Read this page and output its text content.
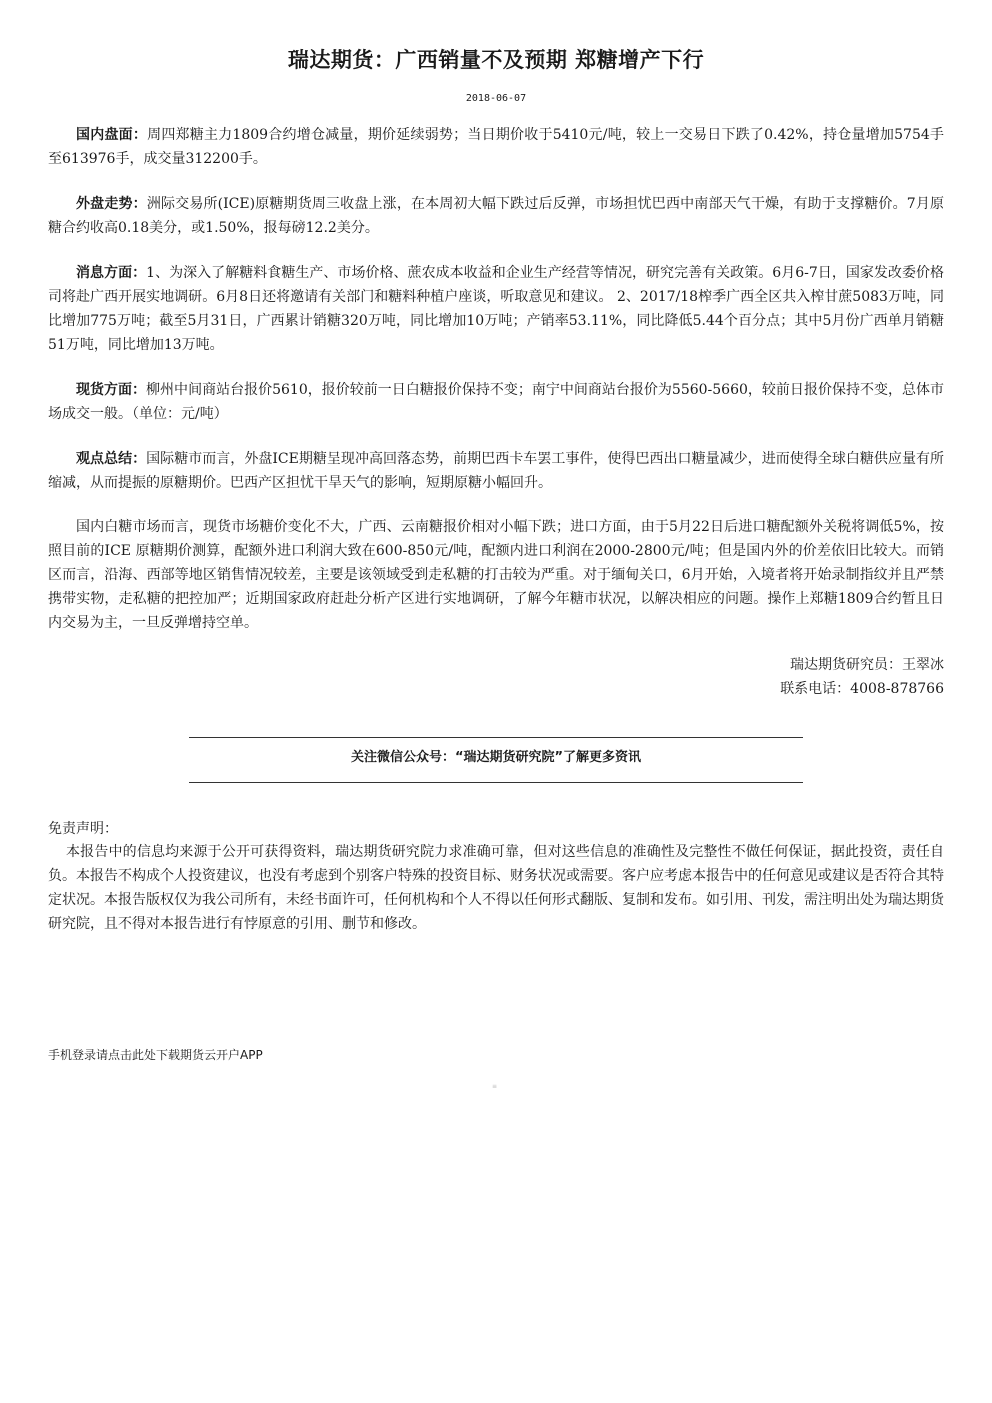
瑞达期货：广西销量不及预期 郑糖增产下行
2018-06-07
国内盘面：周四郑糖主力1809合约增仓减量，期价延续弱势；当日期价收于5410元/吨，较上一交易日下跌了0.42%，持仓量增加5754手至613976手，成交量312200手。
外盘走势：洲际交易所(ICE)原糖期货周三收盘上涨，在本周初大幅下跌过后反弹，市场担忧巴西中南部天气干燥，有助于支撑糖价。7月原糖合约收高0.18美分，或1.50%，报每磅12.2美分。
消息方面：1、为深入了解糖料食糖生产、市场价格、蔗农成本收益和企业生产经营等情况，研究完善有关政策。6月6-7日，国家发改委价格司将赴广西开展实地调研。6月8日还将邀请有关部门和糖料种植户座谈，听取意见和建议。 2、2017/18榨季广西全区共入榨甘蔗5083万吨，同比增加775万吨；截至5月31日，广西累计销糖320万吨，同比增加10万吨；产销率53.11%，同比降低5.44个百分点；其中5月份广西单月销糖51万吨，同比增加13万吨。
现货方面：柳州中间商站台报价5610，报价较前一日白糖报价保持不变；南宁中间商站台报价为5560-5660，较前日报价保持不变，总体市场成交一般。（单位：元/吨）
观点总结：国际糖市而言，外盘ICE期糖呈现冲高回落态势，前期巴西卡车罢工事件，使得巴西出口糖量减少，进而使得全球白糖供应量有所缩减，从而提振的原糖期价。巴西产区担忧干旱天气的影响，短期原糖小幅回升。
国内白糖市场而言，现货市场糖价变化不大，广西、云南糖报价相对小幅下跌；进口方面，由于5月22日后进口糖配额外关税将调低5%，按照目前的ICE 原糖期价测算，配额外进口利润大致在600-850元/吨，配额内进口利润在2000-2800元/吨；但是国内外的价差依旧比较大。而销区而言，沿海、西部等地区销售情况较差，主要是该领域受到走私糖的打击较为严重。对于缅甸关口，6月开始，入境者将开始录制指纹并且严禁携带实物，走私糖的把控加严；近期国家政府赶赴分析产区进行实地调研，了解今年糖市状况，以解决相应的问题。操作上郑糖1809合约暂且日内交易为主，一旦反弹增持空单。
瑞达期货研究员：王翠冰
联系电话：4008-878766
关注微信公众号：“瑞达期货研究院”了解更多资讯
免责声明：
本报告中的信息均来源于公开可获得资料，瑞达期货研究院力求准确可靠，但对这些信息的准确性及完整性不做任何保证，据此投资，责任自负。本报告不构成个人投资建议，也没有考虑到个别客户特殊的投资目标、财务状况或需要。客户应考虑本报告中的任何意见或建议是否符合其特定状况。本报告版权仅为我公司所有，未经书面许可，任何机构和个人不得以任何形式翻版、复制和发布。如引用、刊发，需注明出处为瑞达期货研究院，且不得对本报告进行有悖原意的引用、删节和修改。
手机登录请点击此处下载期货云开户APP
≡
